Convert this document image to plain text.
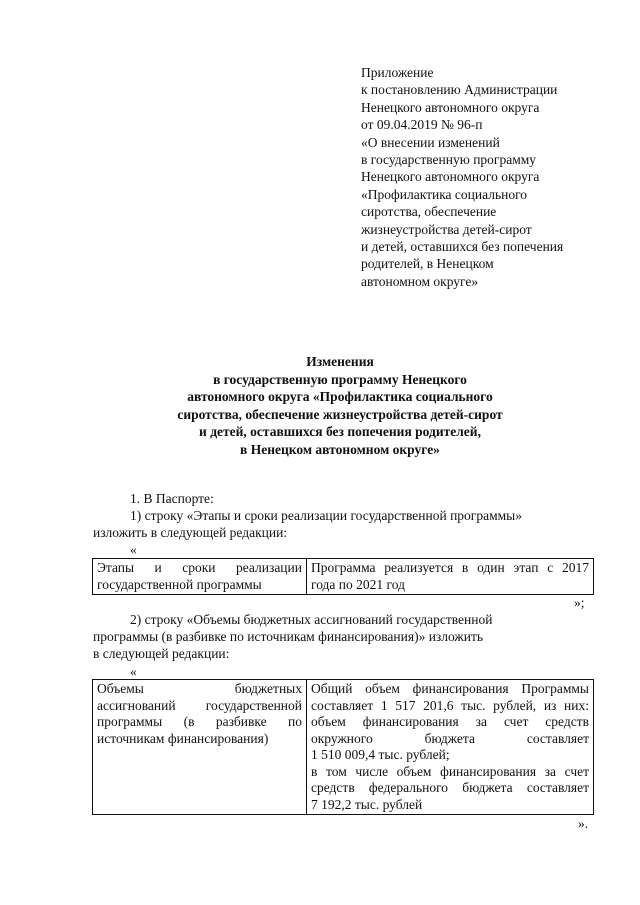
Приложение
к постановлению Администрации
Ненецкого автономного округа
от 09.04.2019 № 96-п
«О внесении изменений
в государственную программу
Ненецкого автономного округа
«Профилактика социального
сиротства, обеспечение
жизнеустройства детей-сирот
и детей, оставшихся без попечения
родителей, в Ненецком
автономном округе»
Изменения
в государственную программу Ненецкого
автономного округа «Профилактика социального
сиротства, обеспечение жизнеустройства детей-сирот
и детей, оставшихся без попечения родителей,
в Ненецком автономном округе»
1. В Паспорте:
1) строку «Этапы и сроки реализации государственной программы»
изложить в следующей редакции:
«
Этапы и сроки реализации
государственной программы

Программа реализуется в один этап с 2017
года по 2021 год
»;
2) строку «Объемы бюджетных ассигнований государственной
программы (в разбивке по источникам финансирования)» изложить
в следующей редакции:
«
Объемы бюджетных
ассигнований государственной
программы (в разбивке по
источникам финансирования)

Общий объем финансирования Программы
составляет 1 517 201,6 тыс. рублей, из них:
объем финансирования за счет средств
окружного бюджета составляет
1 510 009,4 тыс. рублей;
в том числе объем финансирования за счет
средств федерального бюджета составляет
7 192,2 тыс. рублей
».
